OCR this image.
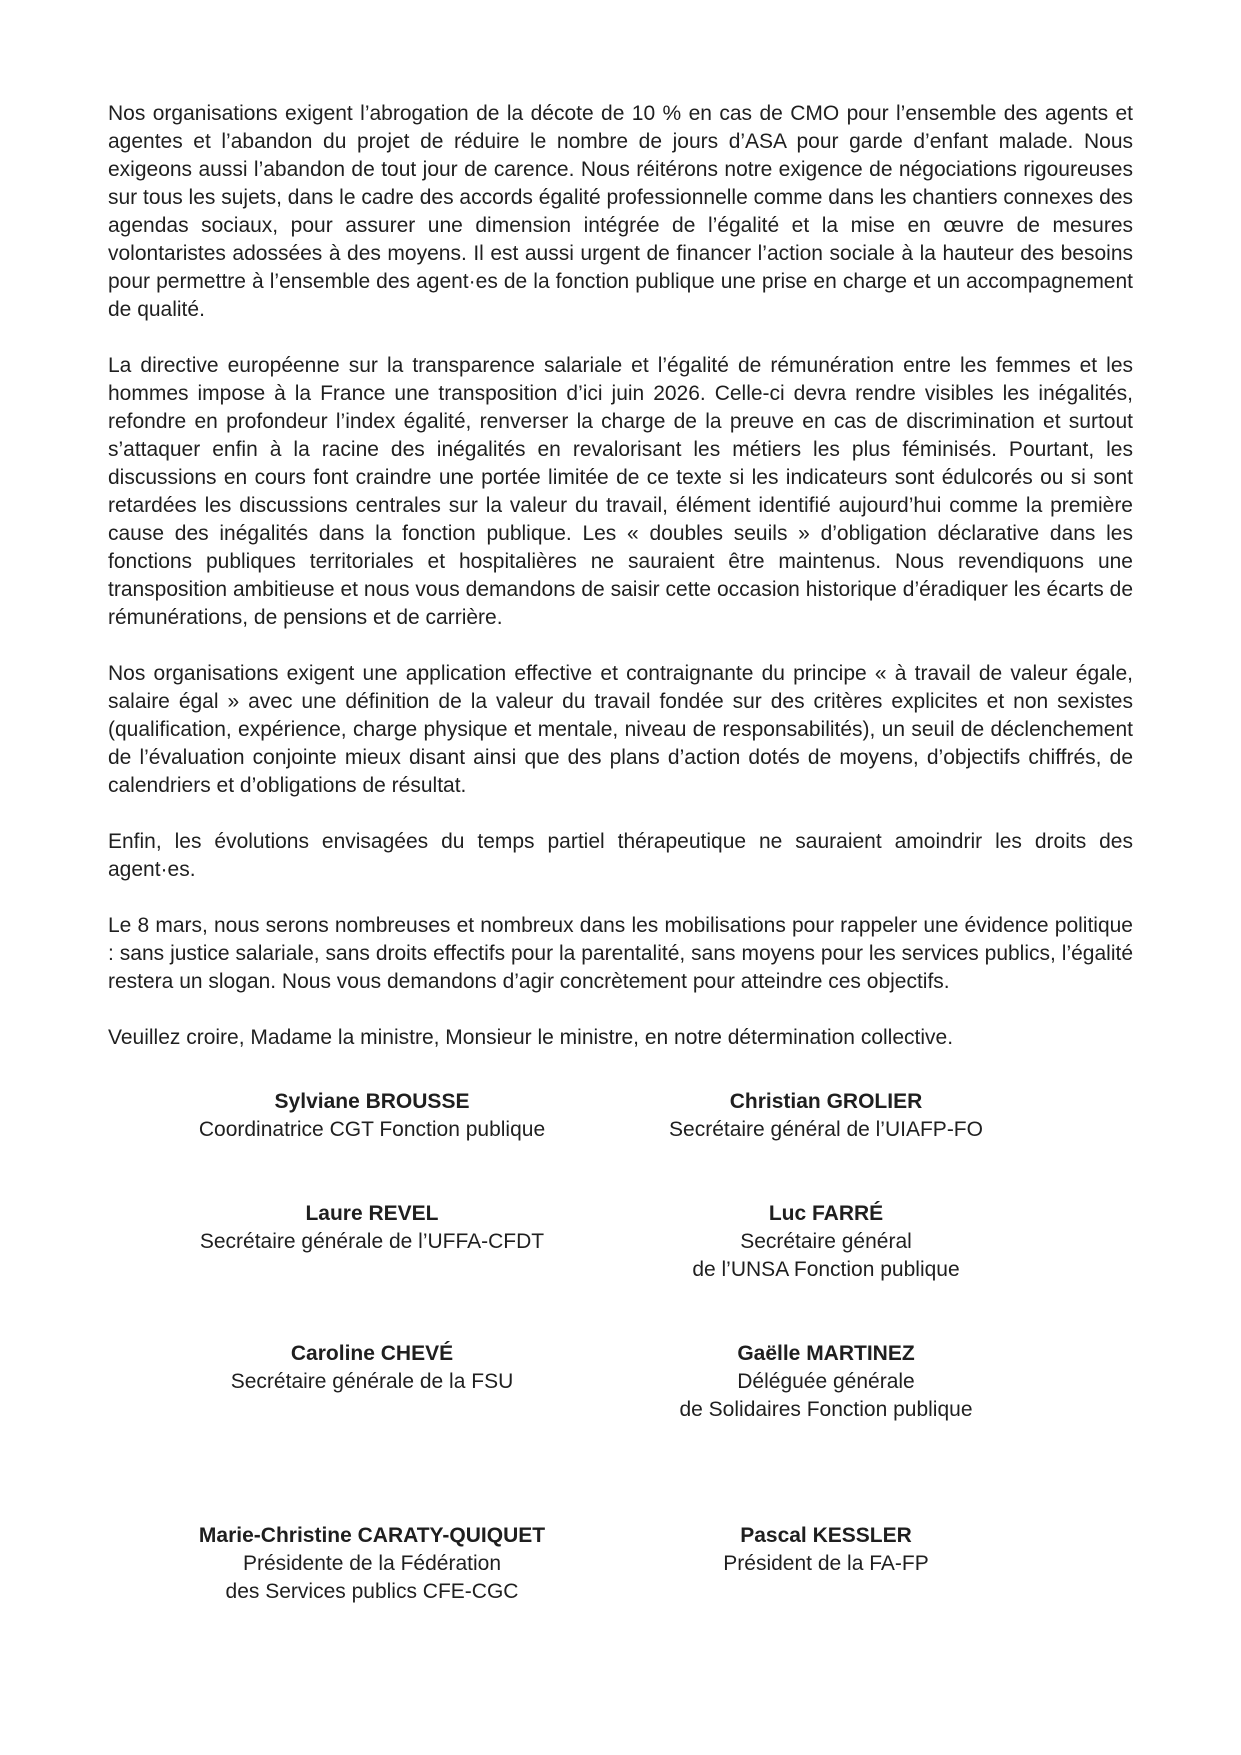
Nos organisations exigent l’abrogation de la décote de 10 % en cas de CMO pour l’ensemble des agents et agentes et l’abandon du projet de réduire le nombre de jours d’ASA pour garde d’enfant malade. Nous exigeons aussi l’abandon de tout jour de carence. Nous réitérons notre exigence de négociations rigoureuses sur tous les sujets, dans le cadre des accords égalité professionnelle comme dans les chantiers connexes des agendas sociaux, pour assurer une dimension intégrée de l’égalité et la mise en œuvre de mesures volontaristes adossées à des moyens. Il est aussi urgent de financer l’action sociale à la hauteur des besoins pour permettre à l’ensemble des agent·es de la fonction publique une prise en charge et un accompagnement de qualité.

La directive européenne sur la transparence salariale et l’égalité de rémunération entre les femmes et les hommes impose à la France une transposition d’ici juin 2026. Celle-ci devra rendre visibles les inégalités, refondre en profondeur l’index égalité, renverser la charge de la preuve en cas de discrimination et surtout s’attaquer enfin à la racine des inégalités en revalorisant les métiers les plus féminisés. Pourtant, les discussions en cours font craindre une portée limitée de ce texte si les indicateurs sont édulcorés ou si sont retardées les discussions centrales sur la valeur du travail, élément identifié aujourd’hui comme la première cause des inégalités dans la fonction publique. Les « doubles seuils » d’obligation déclarative dans les fonctions publiques territoriales et hospitalières ne sauraient être maintenus. Nous revendiquons une transposition ambitieuse et nous vous demandons de saisir cette occasion historique d’éradiquer les écarts de rémunérations, de pensions et de carrière.

Nos organisations exigent une application effective et contraignante du principe « à travail de valeur égale, salaire égal » avec une définition de la valeur du travail fondée sur des critères explicites et non sexistes (qualification, expérience, charge physique et mentale, niveau de responsabilités), un seuil de déclenchement de l’évaluation conjointe mieux disant ainsi que des plans d’action dotés de moyens, d’objectifs chiffrés, de calendriers et d’obligations de résultat.

Enfin, les évolutions envisagées du temps partiel thérapeutique ne sauraient amoindrir les droits des agent·es.

Le 8 mars, nous serons nombreuses et nombreux dans les mobilisations pour rappeler une évidence politique : sans justice salariale, sans droits effectifs pour la parentalité, sans moyens pour les services publics, l’égalité restera un slogan. Nous vous demandons d’agir concrètement pour atteindre ces objectifs.

Veuillez croire, Madame la ministre, Monsieur le ministre, en notre détermination collective.

Sylviane BROUSSE
Coordinatrice CGT Fonction publique
Christian GROLIER
Secrétaire général de l’UIAFP-FO
Laure REVEL
Secrétaire générale de l’UFFA-CFDT
Luc FARRÉ
Secrétaire général
de l’UNSA Fonction publique
Caroline CHEVÉ
Secrétaire générale de la FSU
Gaëlle MARTINEZ
Déléguée générale
de Solidaires Fonction publique
Marie-Christine CARATY-QUIQUET
Présidente de la Fédération
des Services publics CFE-CGC
Pascal KESSLER
Président de la FA-FP
